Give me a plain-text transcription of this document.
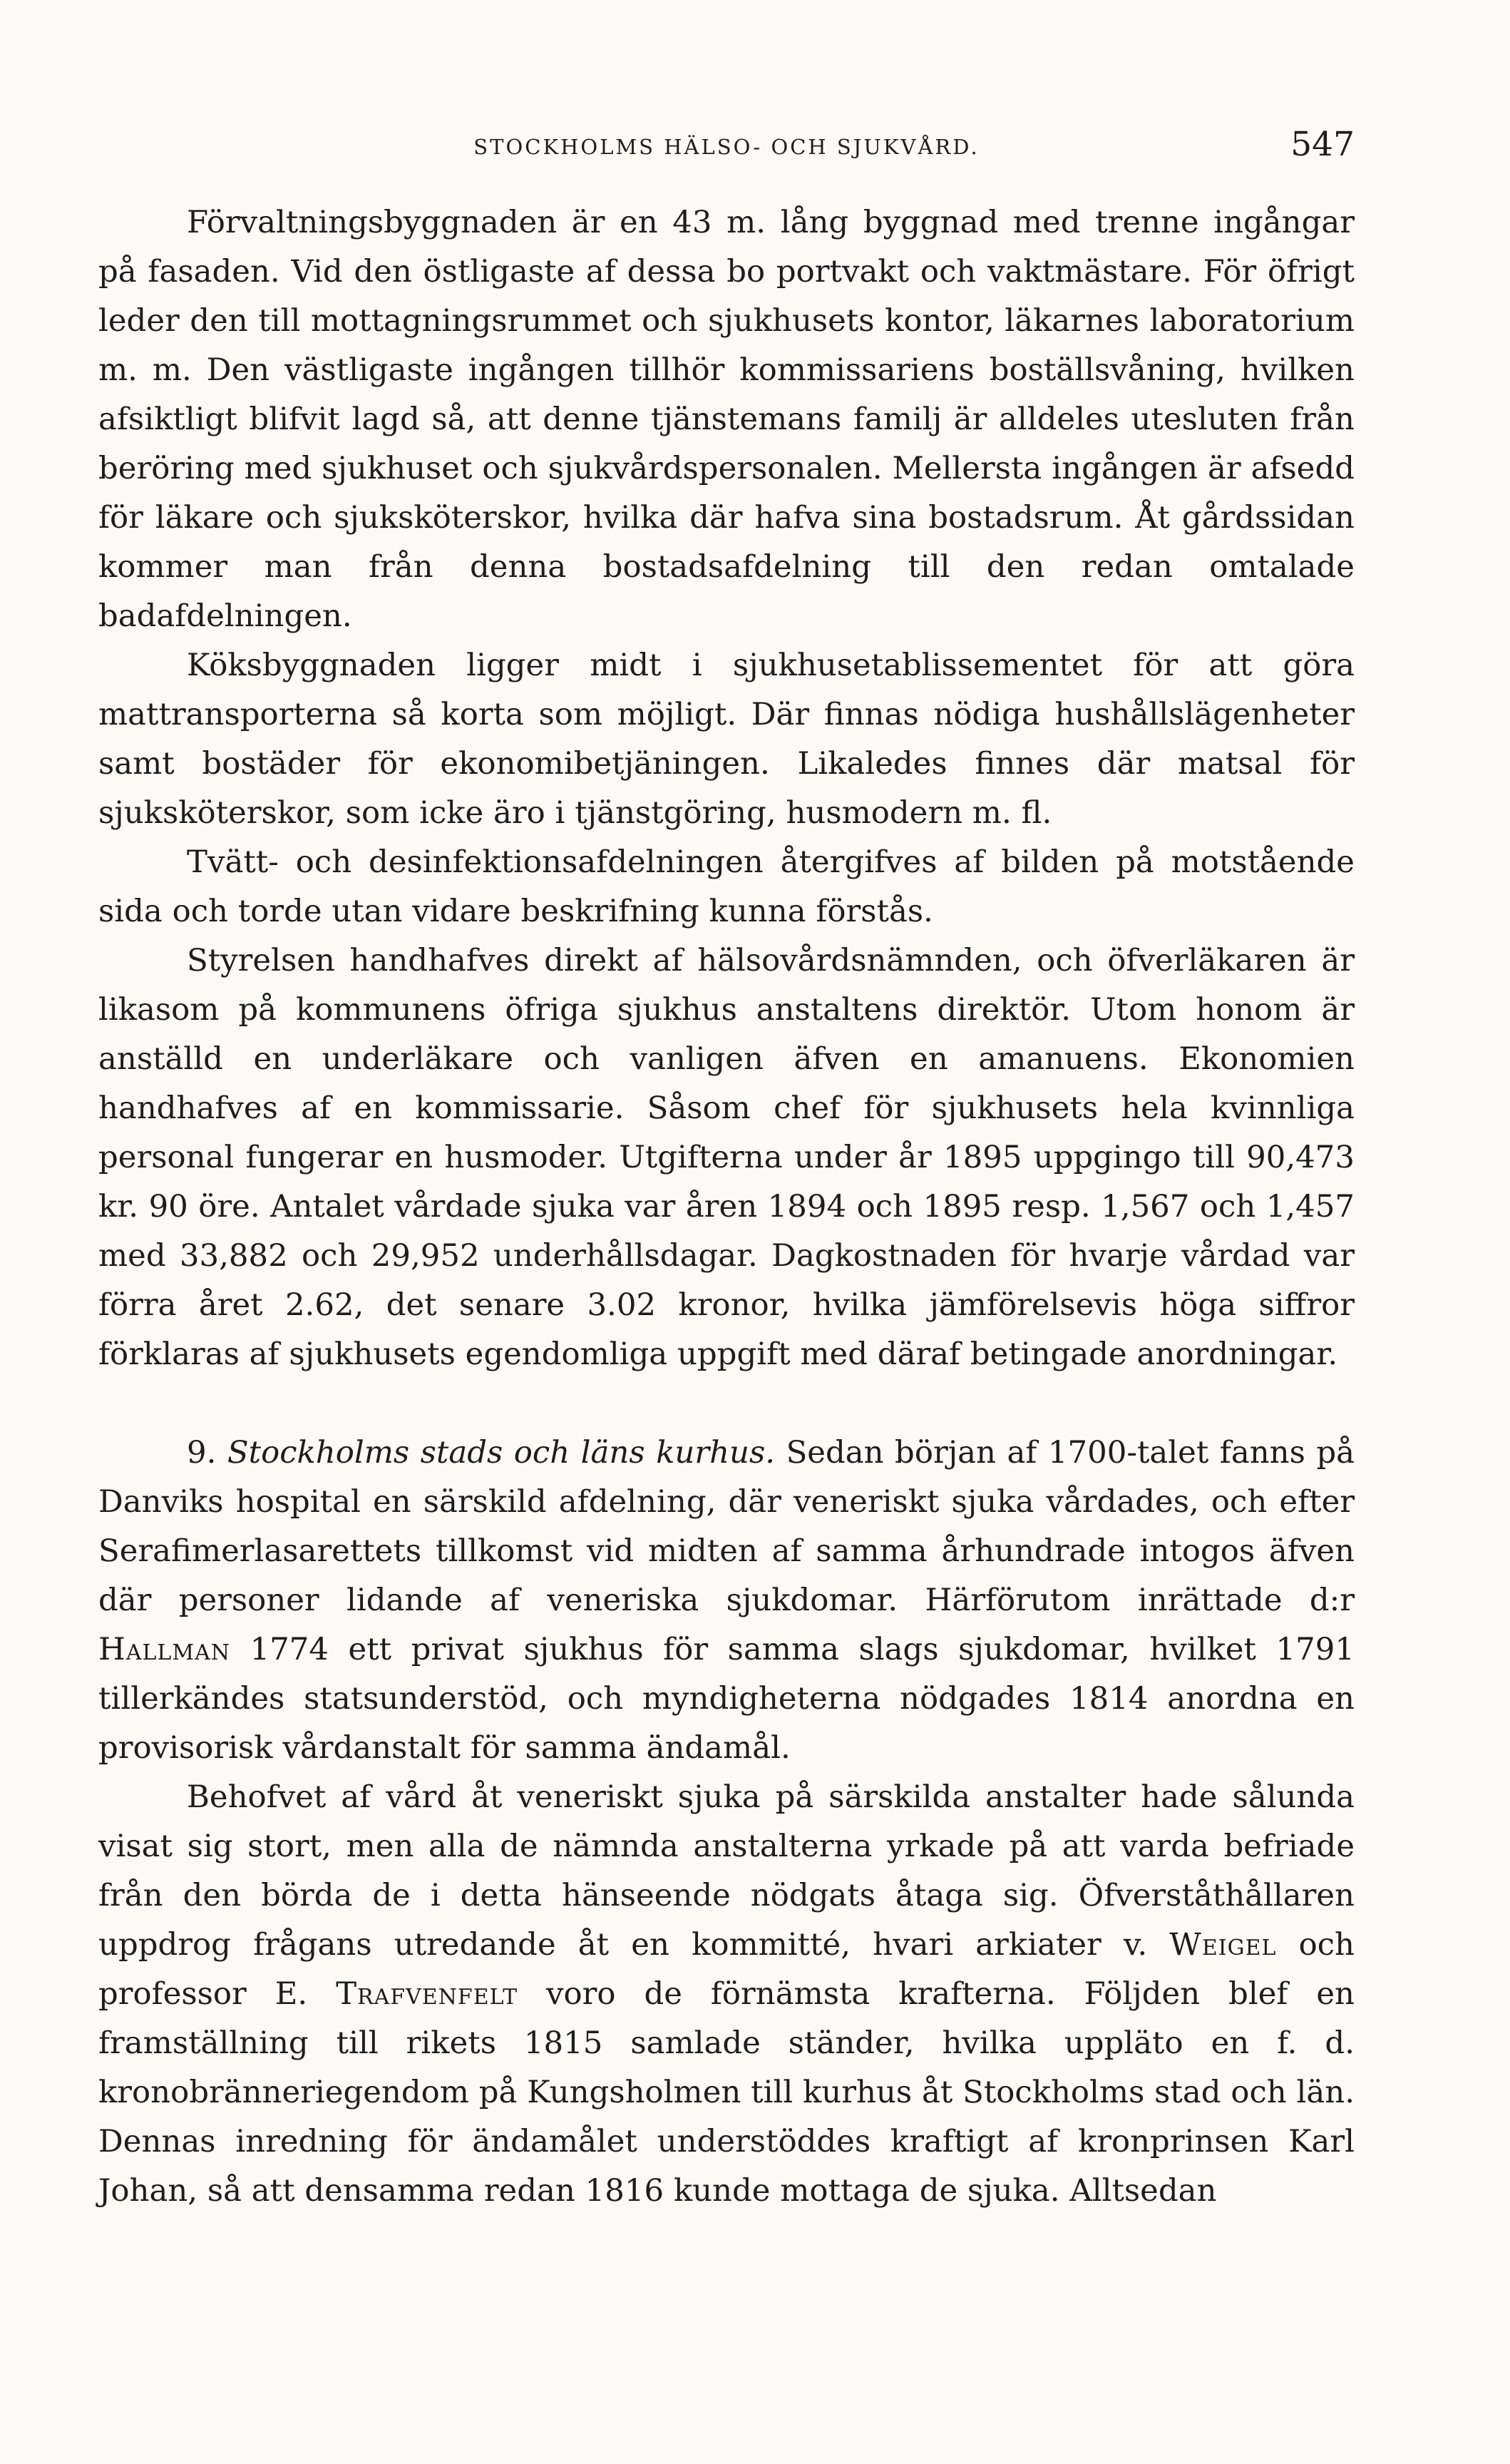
STOCKHOLMS HÄLSO- OCH SJUKVÅRD.	547

Förvaltningsbyggnaden är en 43 m. lång byggnad med trenne ingångar på fasaden. Vid den östligaste af dessa bo portvakt och vaktmästare. För öfrigt leder den till mottagningsrummet och sjukhusets kontor, läkarnes laboratorium m. m. Den västligaste ingången tillhör kommissariens boställsvåning, hvilken afsiktligt blifvit lagd så, att denne tjänstemans familj är alldeles utesluten från beröring med sjukhuset och sjukvårdspersonalen. Mellersta ingången är afsedd för läkare och sjuksköterskor, hvilka där hafva sina bostadsrum. Åt gårdssidan kommer man från denna bostadsafdelning till den redan omtalade badafdelningen.

Köksbyggnaden ligger midt i sjukhusetablissementet för att göra mattransporterna så korta som möjligt. Där finnas nödiga hushållslägenheter samt bostäder för ekonomibetjäningen. Likaledes finnes där matsal för sjuksköterskor, som icke äro i tjänstgöring, husmodern m. fl.

Tvätt- och desinfektionsafdelningen återgifves af bilden på motstående sida och torde utan vidare beskrifning kunna förstås.

Styrelsen handhafves direkt af hälsovårdsnämnden, och öfverläkaren är likasom på kommunens öfriga sjukhus anstaltens direktör. Utom honom är anställd en underläkare och vanligen äfven en amanuens. Ekonomien handhafves af en kommissarie. Såsom chef för sjukhusets hela kvinnliga personal fungerar en husmoder. Utgifterna under år 1895 uppgingo till 90,473 kr. 90 öre. Antalet vårdade sjuka var åren 1894 och 1895 resp. 1,567 och 1,457 med 33,882 och 29,952 underhållsdagar. Dagkostnaden för hvarje vårdad var förra året 2.62, det senare 3.02 kronor, hvilka jämförelsevis höga siffror förklaras af sjukhusets egendomliga uppgift med däraf betingade anordningar.

9. Stockholms stads och läns kurhus. Sedan början af 1700-talet fanns på Danviks hospital en särskild afdelning, där veneriskt sjuka vårdades, och efter Serafimerlasarettets tillkomst vid midten af samma århundrade intogos äfven där personer lidande af veneriska sjukdomar. Härförutom inrättade d:r Hallman 1774 ett privat sjukhus för samma slags sjukdomar, hvilket 1791 tillerkändes statsunderstöd, och myndigheterna nödgades 1814 anordna en provisorisk vårdanstalt för samma ändamål.

Behofvet af vård åt veneriskt sjuka på särskilda anstalter hade sålunda visat sig stort, men alla de nämnda anstalterna yrkade på att varda befriade från den börda de i detta hänseende nödgats åtaga sig. Öfverståthållaren uppdrog frågans utredande åt en kommitté, hvari arkiater v. Weigel och professor E. Trafvenfelt voro de förnämsta krafterna. Följden blef en framställning till rikets 1815 samlade ständer, hvilka uppläto en f. d. kronobränneriegendom på Kungsholmen till kurhus åt Stockholms stad och län. Dennas inredning för ändamålet understöddes kraftigt af kronprinsen Karl Johan, så att densamma redan 1816 kunde mottaga de sjuka. Alltsedan
